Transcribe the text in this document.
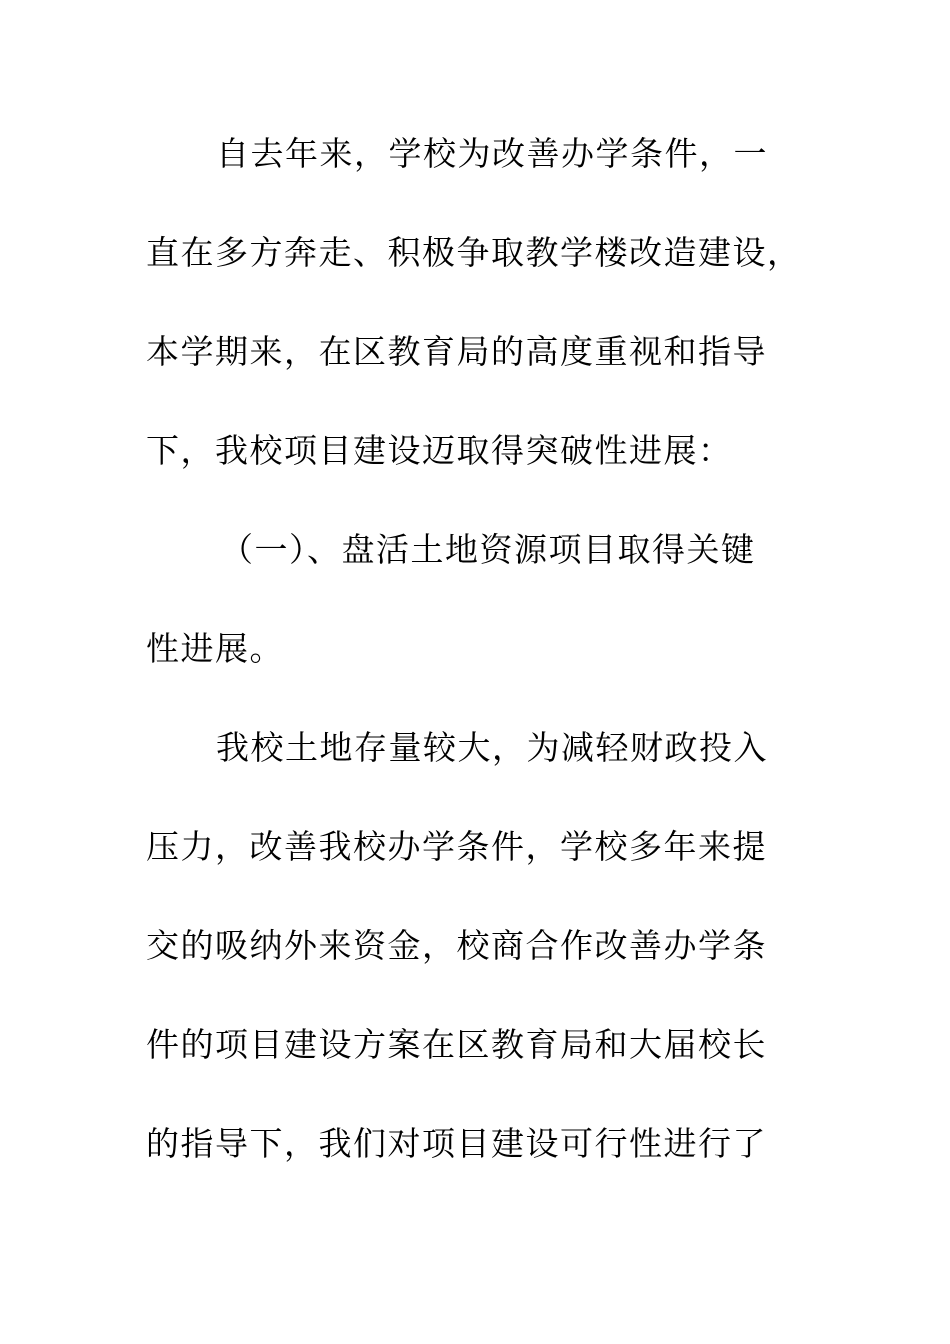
自去年来，学校为改善办学条件，一
直在多方奔走、积极争取教学楼改造建设，
本学期来，在区教育局的高度重视和指导
下，我校项目建设迈取得突破性进展：
（一）、盘活土地资源项目取得关键
性进展。
我校土地存量较大，为减轻财政投入
压力，改善我校办学条件，学校多年来提
交的吸纳外来资金，校商合作改善办学条
件的项目建设方案在区教育局和大届校长
的指导下，我们对项目建设可行性进行了
